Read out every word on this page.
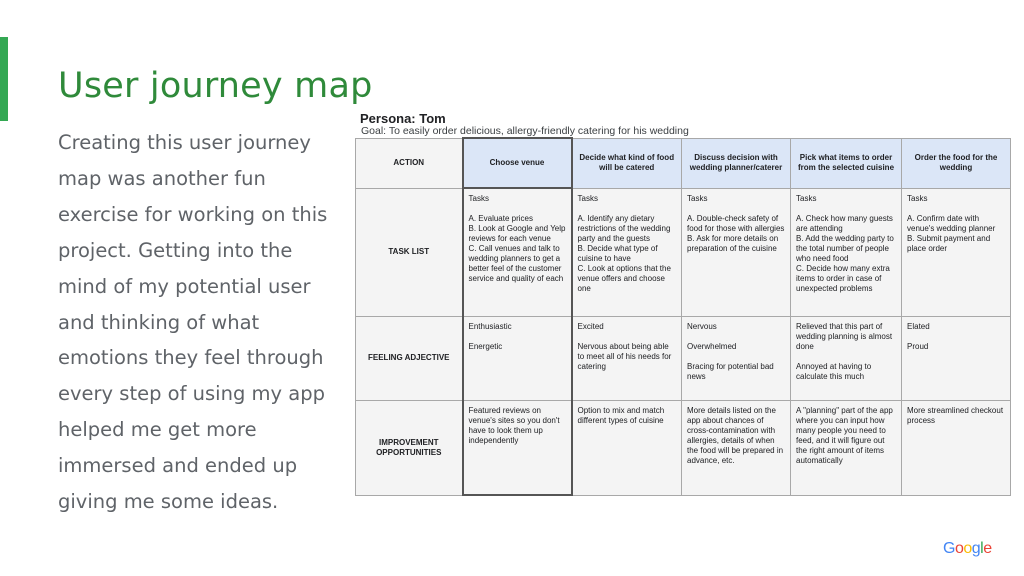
User journey map

Creating this user journey map was another fun exercise for working on this project. Getting into the mind of my potential user and thinking of what emotions they feel through every step of using my app helped me get more immersed and ended up giving me some ideas.

Persona: Tom
Goal: To easily order delicious, allergy-friendly catering for his wedding
ACTION	Choose venue	Decide what kind of food will be catered	Discuss decision with wedding planner/caterer	Pick what items to order from the selected cuisine	Order the food for the wedding
TASK LIST	Tasks

A. Evaluate prices
B. Look at Google and Yelp reviews for each venue
C. Call venues and talk to wedding planners to get a better feel of the customer service and quality of each	Tasks

A. Identify any dietary restrictions of the wedding party and the guests
B. Decide what type of cuisine to have
C. Look at options that the venue offers and choose one	Tasks

A. Double-check safety of food for those with allergies
B. Ask for more details on preparation of the cuisine	Tasks

A. Check how many guests are attending
B. Add the wedding party to the total number of people who need food
C. Decide how many extra items to order in case of unexpected problems	Tasks

A. Confirm date with venue's wedding planner
B. Submit payment and place order
FEELING ADJECTIVE	Enthusiastic

Energetic	Excited

Nervous about being able to meet all of his needs for catering	Nervous

Overwhelmed

Bracing for potential bad news	Relieved that this part of wedding planning is almost done

Annoyed at having to calculate this much	Elated

Proud
IMPROVEMENT OPPORTUNITIES	Featured reviews on venue's sites so you don't have to look them up independently	Option to mix and match different types of cuisine	More details listed on the app about chances of cross-contamination with allergies, details of when the food will be prepared in advance, etc.	A "planning" part of the app where you can input how many people you need to feed, and it will figure out the right amount of items automatically	More streamlined checkout process
Google
